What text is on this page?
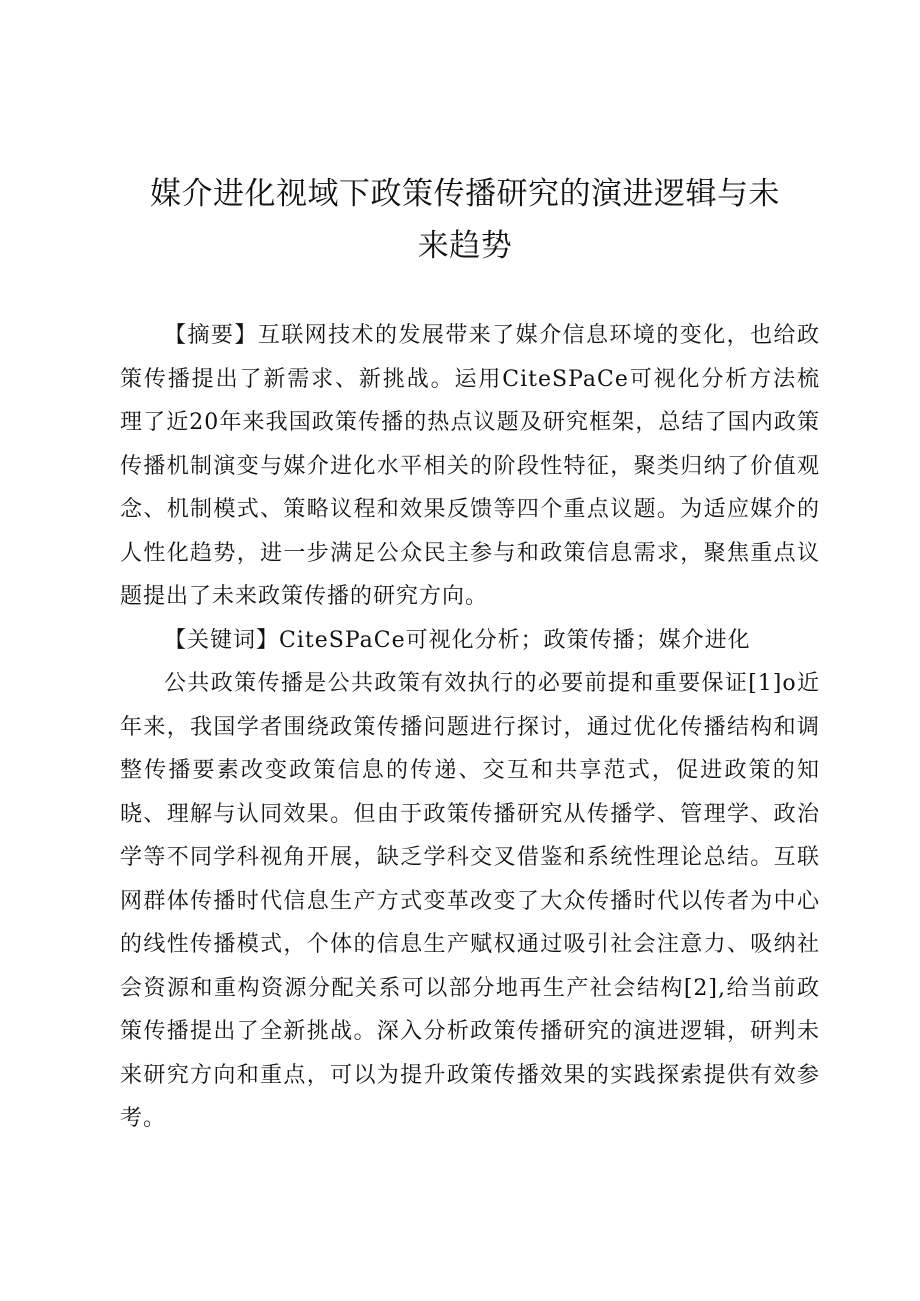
媒介进化视域下政策传播研究的演进逻辑与未来趋势

【摘要】互联网技术的发展带来了媒介信息环境的变化，也给政策传播提出了新需求、新挑战。运用CiteSPaCe可视化分析方法梳理了近20年来我国政策传播的热点议题及研究框架，总结了国内政策传播机制演变与媒介进化水平相关的阶段性特征，聚类归纳了价值观念、机制模式、策略议程和效果反馈等四个重点议题。为适应媒介的人性化趋势，进一步满足公众民主参与和政策信息需求，聚焦重点议题提出了未来政策传播的研究方向。

【关键词】CiteSPaCe可视化分析；政策传播；媒介进化

公共政策传播是公共政策有效执行的必要前提和重要保证[1]o近年来，我国学者围绕政策传播问题进行探讨，通过优化传播结构和调整传播要素改变政策信息的传递、交互和共享范式，促进政策的知晓、理解与认同效果。但由于政策传播研究从传播学、管理学、政治学等不同学科视角开展，缺乏学科交叉借鉴和系统性理论总结。互联网群体传播时代信息生产方式变革改变了大众传播时代以传者为中心的线性传播模式，个体的信息生产赋权通过吸引社会注意力、吸纳社会资源和重构资源分配关系可以部分地再生产社会结构[2],给当前政策传播提出了全新挑战。深入分析政策传播研究的演进逻辑，研判未来研究方向和重点，可以为提升政策传播效果的实践探索提供有效参考。
